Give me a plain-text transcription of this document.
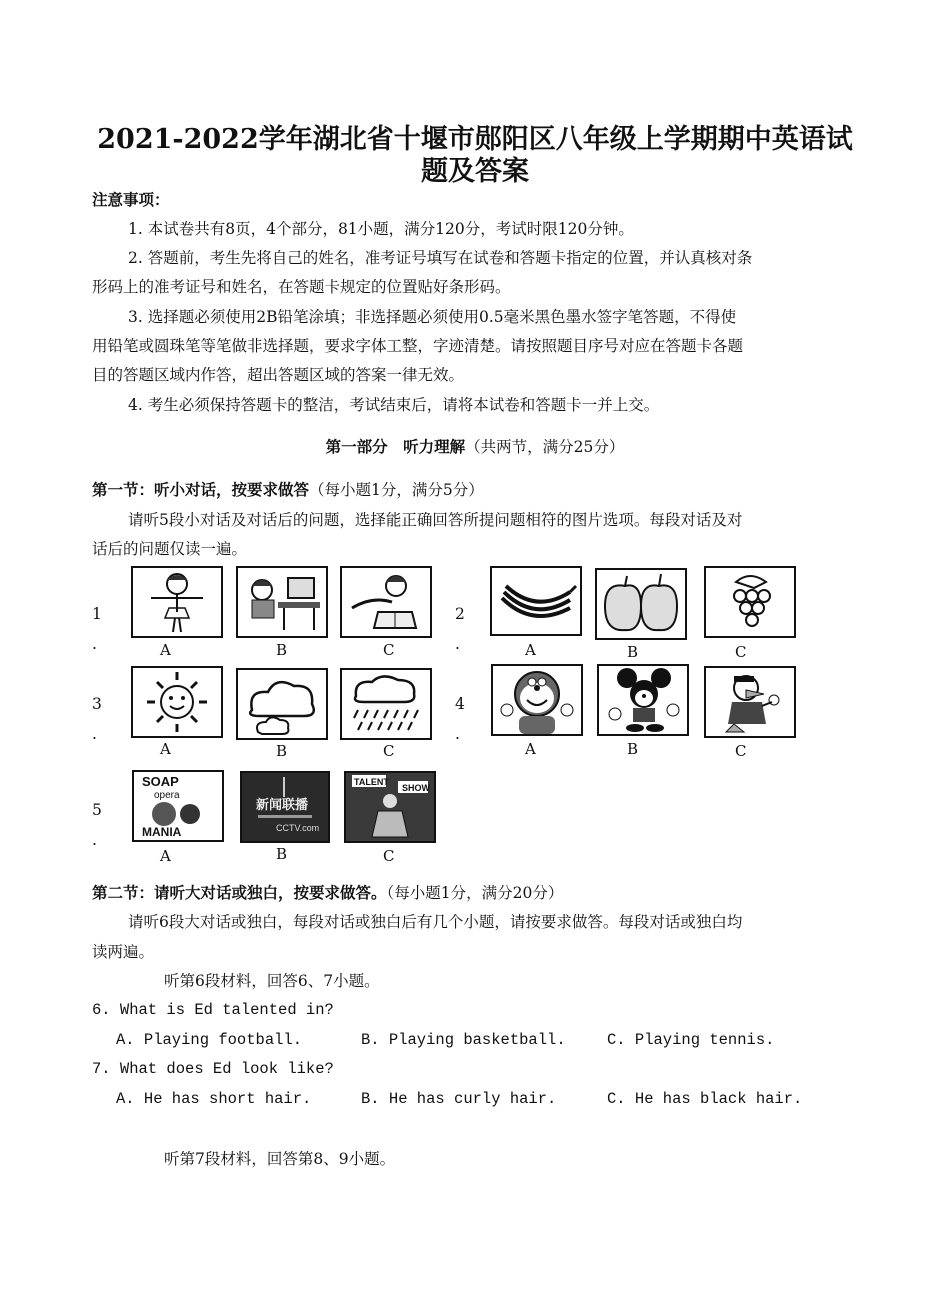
2021-2022学年湖北省十堰市郧阳区八年级上学期期中英语试
题及答案
注意事项：
1. 本试卷共有8页，4个部分，81小题，满分120分，考试时限120分钟。
2. 答题前，考生先将自己的姓名，准考证号填写在试卷和答题卡指定的位置，并认真核对条
形码上的准考证号和姓名，在答题卡规定的位置贴好条形码。
3. 选择题必须使用2B铅笔涂填；非选择题必须使用0.5毫米黑色墨水签字笔答题，不得使
用铅笔或圆珠笔等笔做非选择题，要求字体工整，字迹清楚。请按照题目序号对应在答题卡各题
目的答题区域内作答，超出答题区域的答案一律无效。
4. 考生必须保持答题卡的整洁，考试结束后，请将本试卷和答题卡一并上交。
第一部分　听力理解（共两节，满分25分）
第一节：听小对话，按要求做答（每小题1分，满分5分）
请听5段小对话及对话后的问题，选择能正确回答所提问题相符的图片选项。每段对话及对
话后的问题仅读一遍。
1
.
2
.
3
.
4
.
5
.
A	B	C	A	B	C
A	B	C	A	B	C
SOAP
opera
MANIA
新闻联播
CCTV.com
TALENT
SHOW
A	B	C
第二节：请听大对话或独白，按要求做答。（每小题1分，满分20分）
请听6段大对话或独白，每段对话或独白后有几个小题，请按要求做答。每段对话或独白均
读两遍。
听第6段材料，回答6、7小题。
6. What is Ed talented in?
A. Playing football.	B. Playing basketball.	C. Playing tennis.
7. What does Ed look like?
A. He has short hair.	B. He has curly hair.	C. He has black hair.
听第7段材料，回答第8、9小题。
